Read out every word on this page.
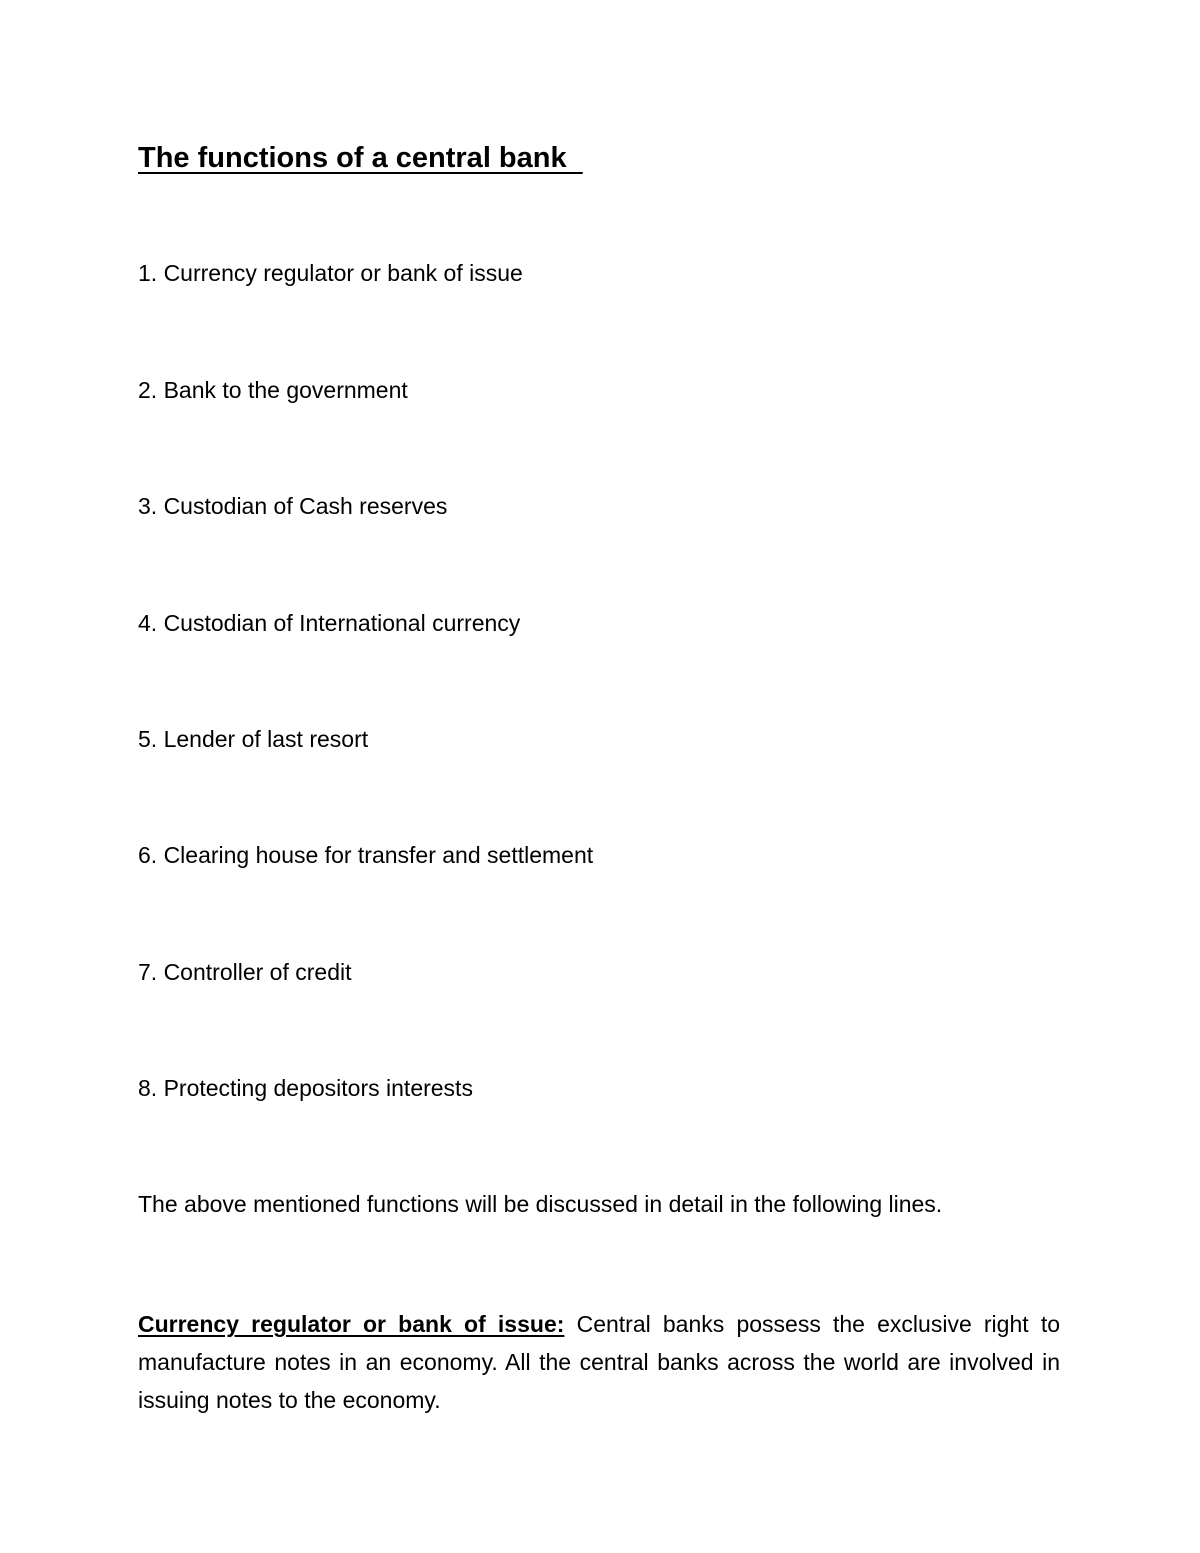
The functions of a central bank

1. Currency regulator or bank of issue

2. Bank to the government

3. Custodian of Cash reserves

4. Custodian of International currency

5. Lender of last resort

6. Clearing house for transfer and settlement

7. Controller of credit

8. Protecting depositors interests

The above mentioned functions will be discussed in detail in the following lines.

Currency regulator or bank of issue: Central banks possess the exclusive right to manufacture notes in an economy. All the central banks across the world are involved in issuing notes to the economy.
